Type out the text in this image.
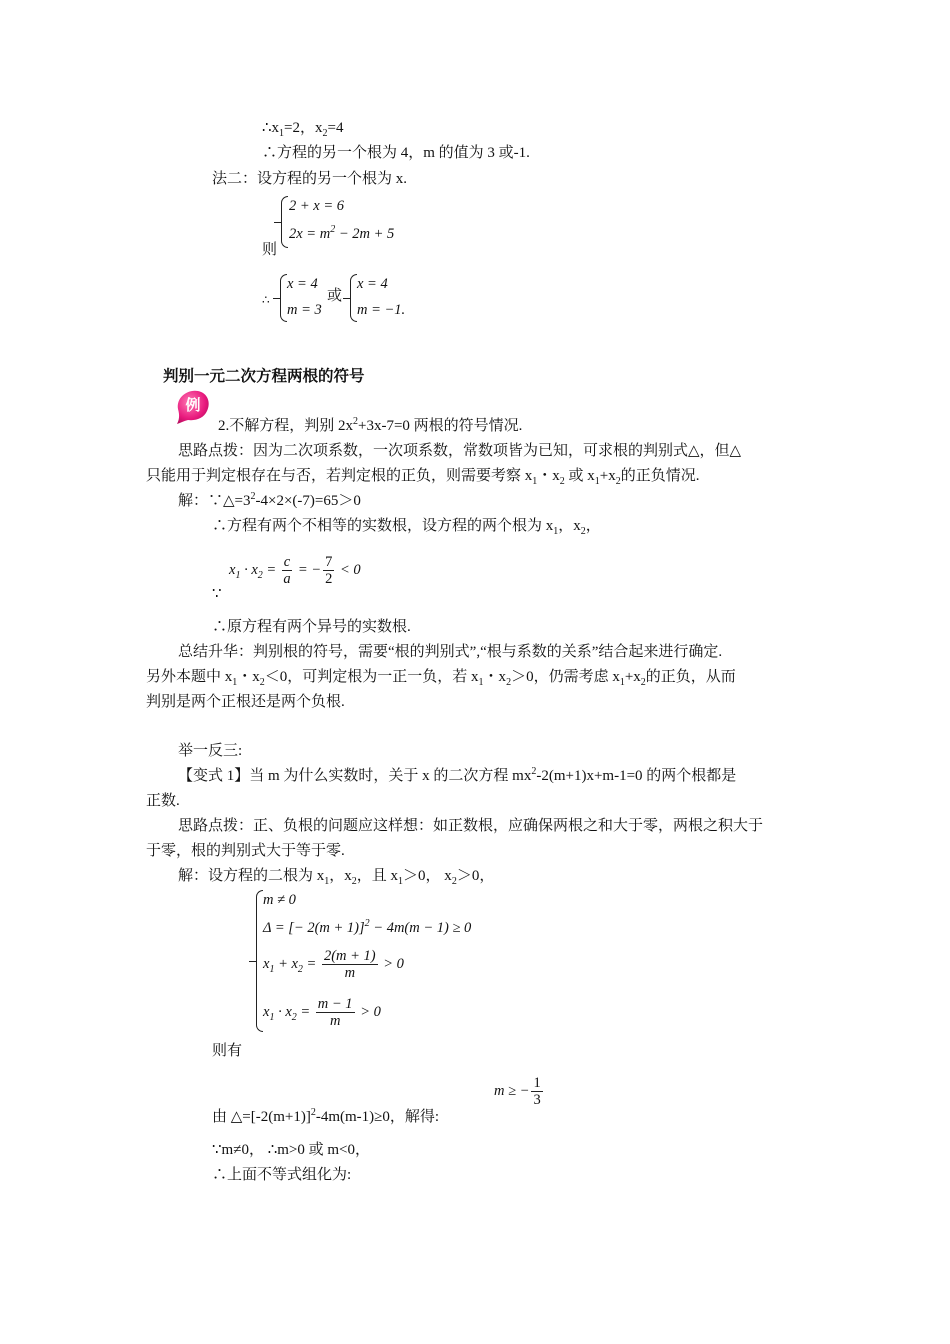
$\therefore x_1=2$，$x_2=4$
∴方程的另一个根为 4，m 的值为 3 或-1.
法二：设方程的另一个根为 x.
2 + x = 6
$2x = m^2 - 2m + 5$
则
∴
x = 4
m = 3
或
x = 4
m = −1.
判别一元二次方程两根的符号
例
2.不解方程，判别 $2x^2+3x-7=0$ 两根的符号情况.
思路点拨：因为二次项系数，一次项系数，常数项皆为已知，可求根的判别式△，但△
只能用于判定根存在与否，若判定根的正负，则需要考察 $x_1$・$x_2$ 或 $x_1+x_2$的正负情况.
解：$\because\triangle=3^2-4\times 2\times(-7)=65>0$
∴方程有两个不相等的实数根，设方程的两个根为 $x_1$，$x_2$，
$x_1 \cdot x_2 = \frac{c}{a}$ = − $\frac{7}{2} < 0$
∵
∴原方程有两个异号的实数根.
总结升华：判别根的符号，需要“根的判别式”,“根与系数的关系”结合起来进行确定.
另外本题中 $x_1$・$x_2<0$，可判定根为一正一负，若 $x_1$・$x_2>0$，仍需考虑 $x_1+x_2$的正负，从而
判别是两个正根还是两个负根.
举一反三:
【变式 1】当 m 为什么实数时，关于 x 的二次方程 $mx^2-2(m+1)x+m-1=0$ 的两个根都是
正数.
思路点拨：正、负根的问题应这样想：如正数根，应确保两根之和大于零，两根之积大于
于零，根的判别式大于等于零.
解：设方程的二根为 $x_1$，$x_2$，且 $x_1>0$， $x_2>0$，
m ≠ 0
Δ = [− 2(m + 1)]$^2$ − 4m(m − 1) ≥ 0
$x_1 + x_2 = \frac{2(m + 1)}{m} > 0$
$x_1 \cdot x_2 = \frac{m - 1}{m} > 0$
则有
m ≥ − $\frac{1}{3}$
由 $\triangle=[-2(m+1)]^2-4m(m-1)\ge 0$，解得:
∵m≠0， ∴m>0 或 m<0，
∴上面不等式组化为:
